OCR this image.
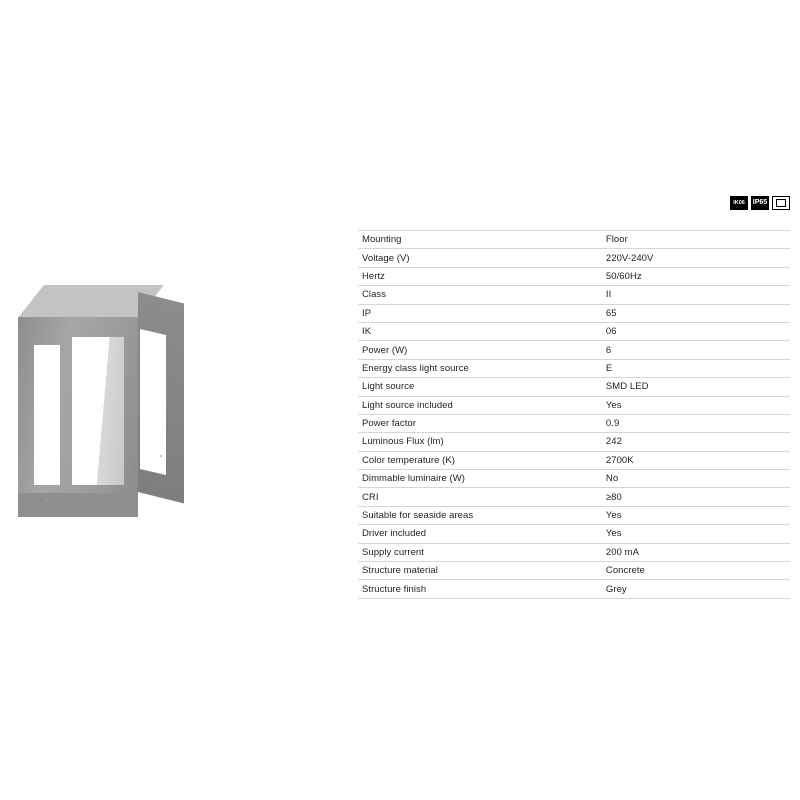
IK06	IP65
Mounting	Floor
Voltage (V)	220V-240V
Hertz	50/60Hz
Class	II
IP	65
IK	06
Power (W)	6
Energy class light source	E
Light source	SMD LED
Light source included	Yes
Power factor	0.9
Luminous Flux (lm)	242
Color temperature (K)	2700K
Dimmable luminaire (W)	No
CRI	≥80
Suitable for seaside areas	Yes
Driver included	Yes
Supply current	200 mA
Structure material	Concrete
Structure finish	Grey
